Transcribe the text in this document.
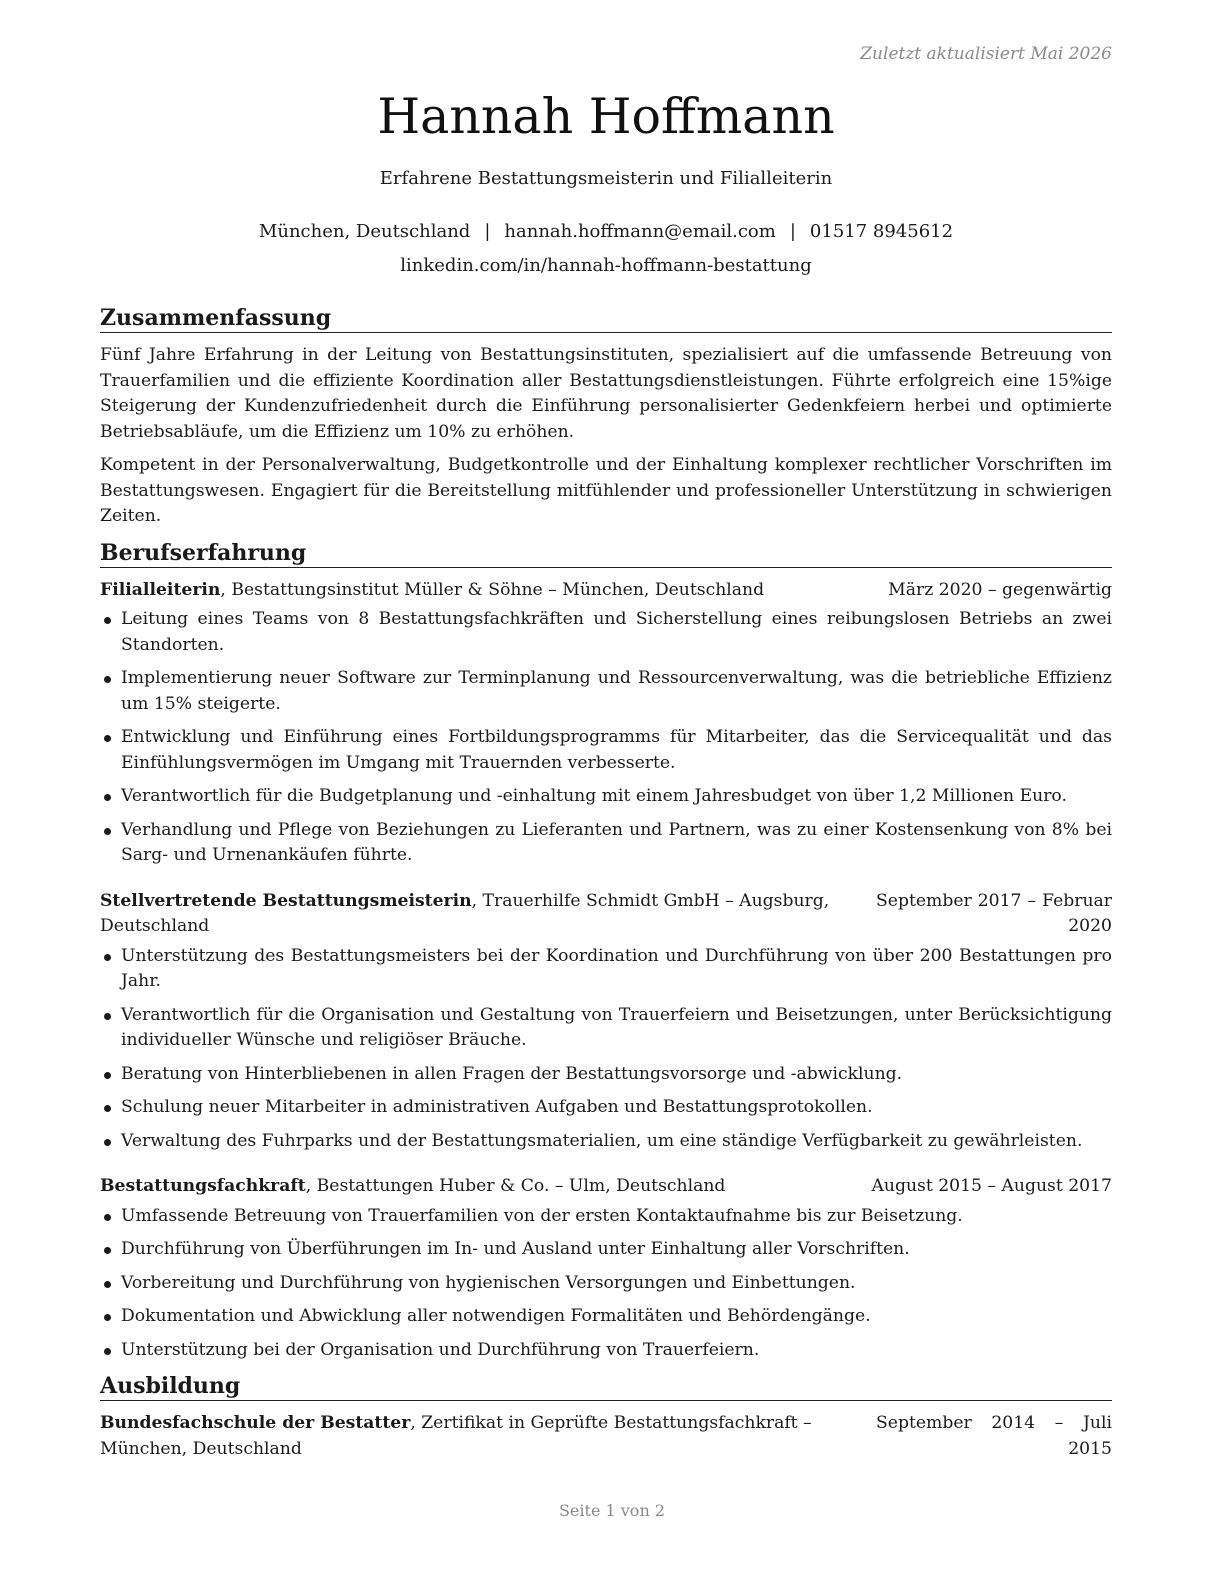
Zuletzt aktualisiert Mai 2026
Hannah Hoffmann
Erfahrene Bestattungsmeisterin und Filialleiterin
München, Deutschland | hannah.hoffmann@email.com | 01517 8945612
linkedin.com/in/hannah-hoffmann-bestattung
Zusammenfassung

Fünf Jahre Erfahrung in der Leitung von Bestattungsinstituten, spezialisiert auf die umfassende Betreuung von Trauerfamilien und die effiziente Koordination aller Bestattungsdienstleistungen. Führte erfolgreich eine 15%ige Steigerung der Kundenzufriedenheit durch die Einführung personalisierter Gedenkfeiern herbei und optimierte Betriebsabläufe, um die Effizienz um 10% zu erhöhen.

Kompetent in der Personalverwaltung, Budgetkontrolle und der Einhaltung komplexer rechtlicher Vorschriften im Bestattungswesen. Engagiert für die Bereitstellung mitfühlender und professioneller Unterstützung in schwierigen Zeiten.

Berufserfahrung
Filialleiterin, Bestattungsinstitut Müller & Söhne – München, Deutschland	März 2020 – gegenwärtig
Leitung eines Teams von 8 Bestattungsfachkräften und Sicherstellung eines reibungslosen Betriebs an zwei Standorten.
Implementierung neuer Software zur Terminplanung und Ressourcenverwaltung, was die betriebliche Effizienz um 15% steigerte.
Entwicklung und Einführung eines Fortbildungsprogramms für Mitarbeiter, das die Servicequalität und das Einfühlungsvermögen im Umgang mit Trauernden verbesserte.
Verantwortlich für die Budgetplanung und -einhaltung mit einem Jahresbudget von über 1,2 Millionen Euro.
Verhandlung und Pflege von Beziehungen zu Lieferanten und Partnern, was zu einer Kostensenkung von 8% bei Sarg- und Urnenankäufen führte.
Stellvertretende Bestattungsmeisterin, Trauerhilfe Schmidt GmbH – Augsburg, Deutschland
September 2017 – Februar 2020
Unterstützung des Bestattungsmeisters bei der Koordination und Durchführung von über 200 Bestattungen pro Jahr.
Verantwortlich für die Organisation und Gestaltung von Trauerfeiern und Beisetzungen, unter Berücksichtigung individueller Wünsche und religiöser Bräuche.
Beratung von Hinterbliebenen in allen Fragen der Bestattungsvorsorge und -abwicklung.
Schulung neuer Mitarbeiter in administrativen Aufgaben und Bestattungsprotokollen.
Verwaltung des Fuhrparks und der Bestattungsmaterialien, um eine ständige Verfügbarkeit zu gewährleisten.
Bestattungsfachkraft, Bestattungen Huber & Co. – Ulm, Deutschland	August 2015 – August 2017
Umfassende Betreuung von Trauerfamilien von der ersten Kontaktaufnahme bis zur Beisetzung.
Durchführung von Überführungen im In- und Ausland unter Einhaltung aller Vorschriften.
Vorbereitung und Durchführung von hygienischen Versorgungen und Einbettungen.
Dokumentation und Abwicklung aller notwendigen Formalitäten und Behördengänge.
Unterstützung bei der Organisation und Durchführung von Trauerfeiern.
Ausbildung
Bundesfachschule der Bestatter, Zertifikat in Geprüfte Bestattungsfachkraft – München, Deutschland
September 2014 – Juli 2015
Seite 1 von 2
